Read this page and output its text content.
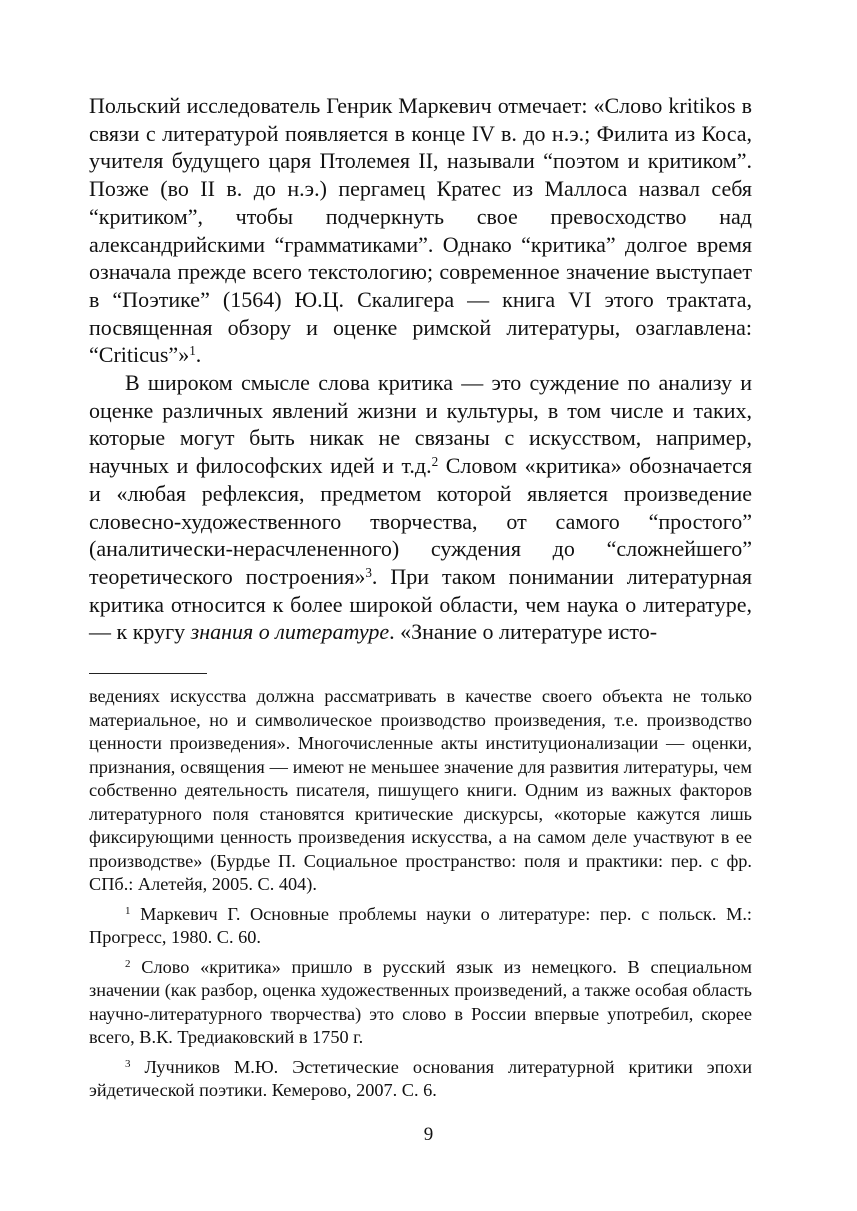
Польский исследователь Генрик Маркевич отмечает: «Слово kritikos в связи с литературой появляется в конце IV в. до н.э.; Филита из Коса, учителя будущего царя Птолемея II, называли “поэтом и критиком”. Позже (во II в. до н.э.) пергамец Кратес из Маллоса назвал себя “критиком”, чтобы подчеркнуть свое превосходство над александрийскими “грамматиками”. Однако “критика” долгое время означала прежде всего текстологию; современное значение выступает в “Поэтике” (1564) Ю.Ц. Скалигера — книга VI этого трактата, посвященная обзору и оценке римской литературы, озаглавлена: “Criticus”»$^1$.

В широком смысле слова критика — это суждение по анализу и оценке различных явлений жизни и культуры, в том числе и таких, которые могут быть никак не связаны с искусством, например, научных и философских идей и т.д.$^2$ Словом «критика» обозначается и «любая рефлексия, предметом которой является произведение словесно-художественного творчества, от самого “простого” (аналитически-нерасчлененного) суждения до “сложнейшего” теоретического построения»$^3$. При таком понимании литературная критика относится к более широкой области, чем наука о литературе, — к кругу знания о литературе. «Знание о литературе исто-

ведениях искусства должна рассматривать в качестве своего объекта не только материальное, но и символическое производство произведения, т.е. производство ценности произведения». Многочисленные акты институционализации — оценки, признания, освящения — имеют не меньшее значение для развития литературы, чем собственно деятельность писателя, пишущего книги. Одним из важных факторов литературного поля становятся критические дискурсы, «которые кажутся лишь фиксирующими ценность произведения искусства, а на самом деле участвуют в ее производстве» (Бурдье П. Социальное пространство: поля и практики: пер. с фр. СПб.: Алетейя, 2005. С. 404).

$^1$ Маркевич Г. Основные проблемы науки о литературе: пер. с польск. М.: Прогресс, 1980. С. 60.

$^2$ Слово «критика» пришло в русский язык из немецкого. В специальном значении (как разбор, оценка художественных произведений, а также особая область научно-литературного творчества) это слово в России впервые употребил, скорее всего, В.К. Тредиаковский в 1750 г.

$^3$ Лучников М.Ю. Эстетические основания литературной критики эпохи эйдетической поэтики. Кемерово, 2007. С. 6.

9
